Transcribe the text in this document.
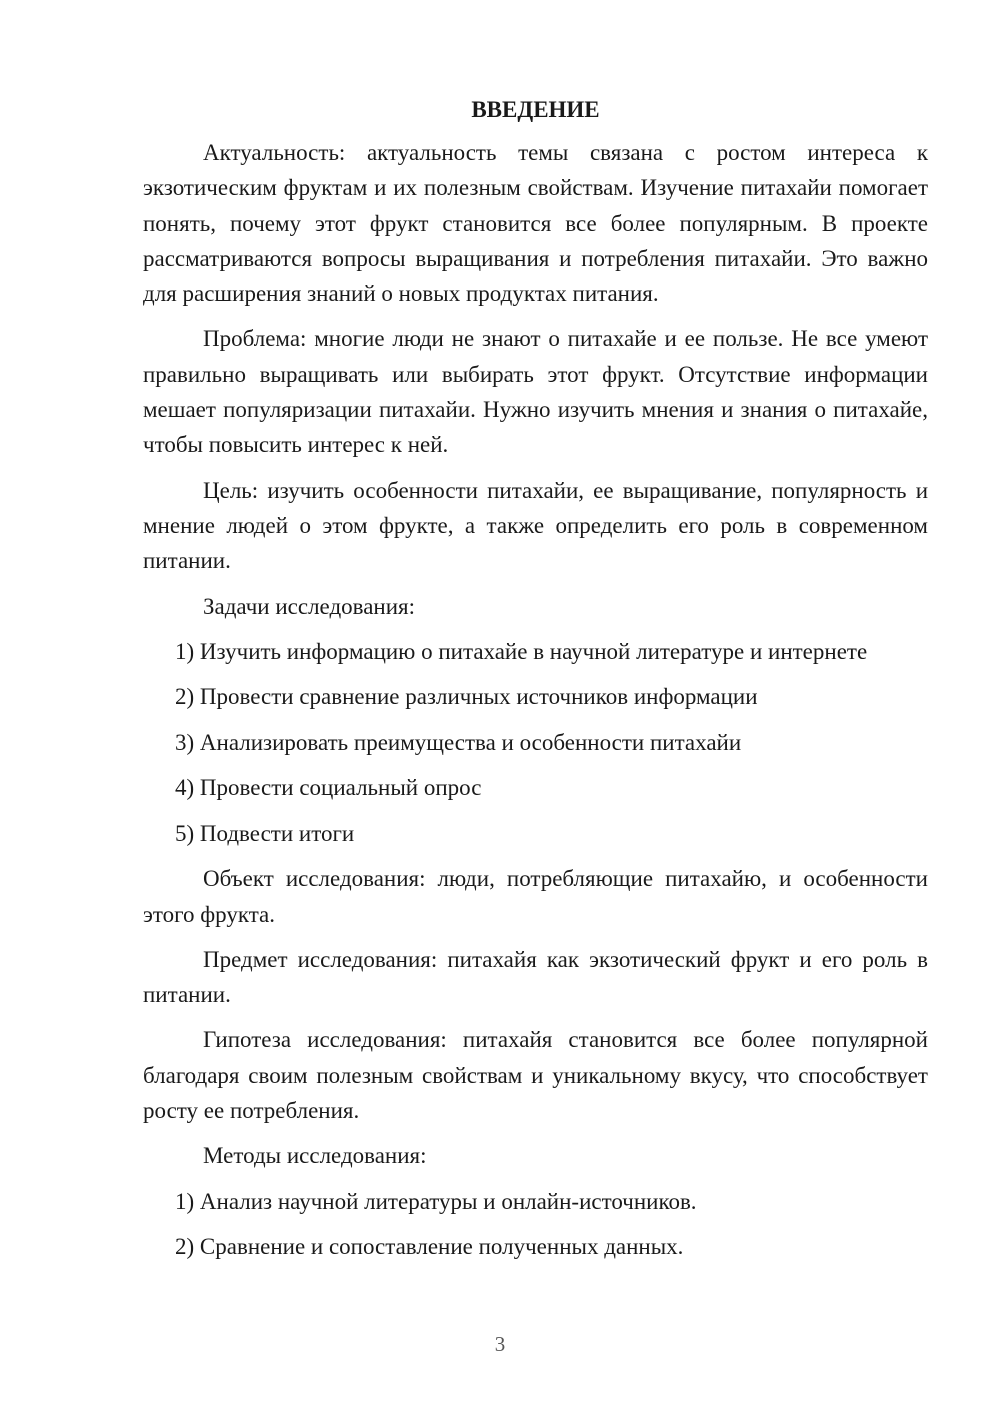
ВВЕДЕНИЕ

Актуальность: актуальность темы связана с ростом интереса к экзотическим фруктам и их полезным свойствам. Изучение питахайи помогает понять, почему этот фрукт становится все более популярным. В проекте рассматриваются вопросы выращивания и потребления питахайи. Это важно для расширения знаний о новых продуктах питания.

Проблема: многие люди не знают о питахайе и ее пользе. Не все умеют правильно выращивать или выбирать этот фрукт. Отсутствие информации мешает популяризации питахайи. Нужно изучить мнения и знания о питахайе, чтобы повысить интерес к ней.

Цель: изучить особенности питахайи, ее выращивание, популярность и мнение людей о этом фрукте, а также определить его роль в современном питании.

Задачи исследования:
1) Изучить информацию о питахайе в научной литературе и интернете
2) Провести сравнение различных источников информации
3) Анализировать преимущества и особенности питахайи
4) Провести социальный опрос
5) Подвести итоги

Объект исследования: люди, потребляющие питахайю, и особенности этого фрукта.

Предмет исследования: питахайя как экзотический фрукт и его роль в питании.

Гипотеза исследования: питахайя становится все более популярной благодаря своим полезным свойствам и уникальному вкусу, что способствует росту ее потребления.

Методы исследования:
1) Анализ научной литературы и онлайн-источников.
2) Сравнение и сопоставление полученных данных.
3
